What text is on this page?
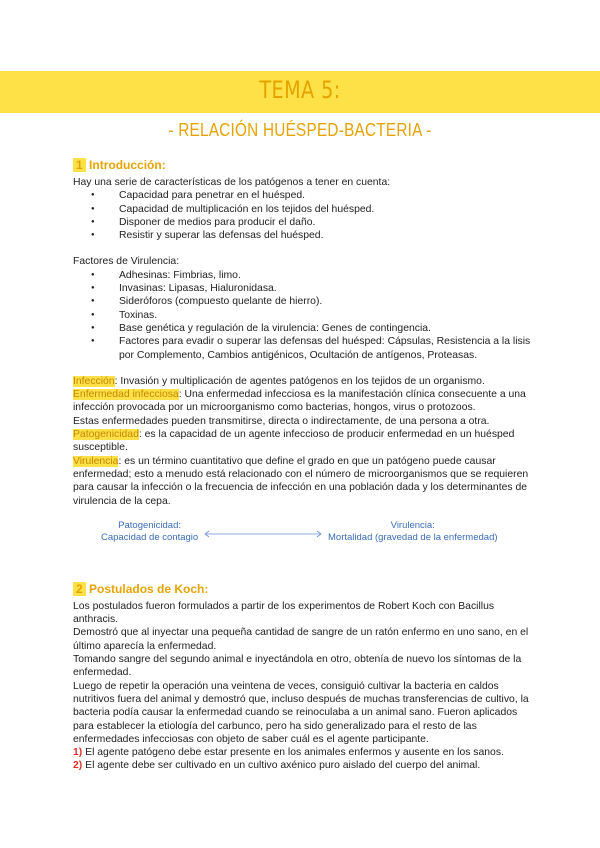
TEMA 5:
- RELACIÓN HUÉSPED-BACTERIA -
1 Introducción:

Hay una serie de características de los patógenos a tener en cuenta:

● Capacidad para penetrar en el huésped.
● Capacidad de multiplicación en los tejidos del huésped.
● Disponer de medios para producir el daño.
● Resistir y superar las defensas del huésped.

Factores de Virulencia:

● Adhesinas: Fimbrias, limo.
● Invasinas: Lipasas, Hialuronidasa.
● Sideróforos (compuesto quelante de hierro).
● Toxinas.
● Base genética y regulación de la virulencia: Genes de contingencia.
● Factores para evadir o superar las defensas del huésped: Cápsulas, Resistencia a la lisis por Complemento, Cambios antigénicos, Ocultación de antígenos, Proteasas.

Infección: Invasión y multiplicación de agentes patógenos en los tejidos de un organismo.

Enfermedad infecciosa: Una enfermedad infecciosa es la manifestación clínica consecuente a una infección provocada por un microorganismo como bacterias, hongos, virus o protozoos.

Estas enfermedades pueden transmitirse, directa o indirectamente, de una persona a otra.

Patogenicidad: es la capacidad de un agente infeccioso de producir enfermedad en un huésped susceptible.

Virulencia: es un término cuantitativo que define el grado en que un patógeno puede causar enfermedad; esto a menudo está relacionado con el número de microorganismos que se requieren para causar la infección o la frecuencia de infección en una población dada y los determinantes de virulencia de la cepa.

Patogenicidad:
Capacidad de contagio
Virulencia:
Mortalidad (gravedad de la enfermedad)
2 Postulados de Koch:

Los postulados fueron formulados a partir de los experimentos de Robert Koch con Bacillus anthracis.

Demostró que al inyectar una pequeña cantidad de sangre de un ratón enfermo en uno sano, en el último aparecía la enfermedad.

Tomando sangre del segundo animal e inyectándola en otro, obtenía de nuevo los síntomas de la enfermedad.

Luego de repetir la operación una veintena de veces, consiguió cultivar la bacteria en caldos nutritivos fuera del animal y demostró que, incluso después de muchas transferencias de cultivo, la bacteria podía causar la enfermedad cuando se reinoculaba a un animal sano. Fueron aplicados para establecer la etiología del carbunco, pero ha sido generalizado para el resto de las enfermedades infecciosas con objeto de saber cuál es el agente participante.

1) El agente patógeno debe estar presente en los animales enfermos y ausente en los sanos.

2) El agente debe ser cultivado en un cultivo axénico puro aislado del cuerpo del animal.
